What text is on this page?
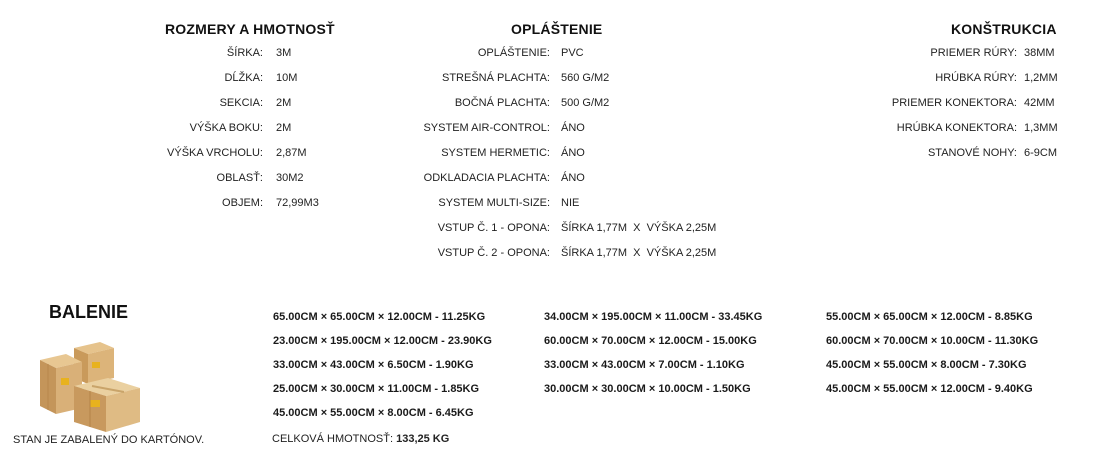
ROZMERY A HMOTNOSŤ	OPLÁŠTENIE	KONŠTRUKCIA
ŠÍRKA: 3M
DĹŽKA: 10M
SEKCIA: 2M
VÝŠKA BOKU: 2M
VÝŠKA VRCHOLU: 2,87M
OBLASŤ: 30M2
OBJEM: 72,99M3
OPLÁŠTENIE: PVC
STREŠNÁ PLACHTA: 560 G/M2
BOČNÁ PLACHTA: 500 G/M2
SYSTEM AIR-CONTROL: ÁNO
SYSTEM HERMETIC: ÁNO
ODKLADACIA PLACHTA: ÁNO
SYSTEM MULTI-SIZE: NIE
VSTUP Č. 1 - OPONA: ŠÍRKA 1,77M  X  VÝŠKA 2,25M
VSTUP Č. 2 - OPONA: ŠÍRKA 1,77M  X  VÝŠKA 2,25M
PRIEMER RÚRY: 38MM
HRÚBKA RÚRY: 1,2MM
PRIEMER KONEKTORA: 42MM
HRÚBKA KONEKTORA: 1,3MM
STANOVÉ NOHY: 6-9CM
BALENIE
STAN JE ZABALENÝ DO KARTÓNOV.
65.00CM × 65.00CM × 12.00CM - 11.25KG
23.00CM × 195.00CM × 12.00CM - 23.90KG
33.00CM × 43.00CM × 6.50CM - 1.90KG
25.00CM × 30.00CM × 11.00CM - 1.85KG
45.00CM × 55.00CM × 8.00CM - 6.45KG
34.00CM × 195.00CM × 11.00CM - 33.45KG
60.00CM × 70.00CM × 12.00CM - 15.00KG
33.00CM × 43.00CM × 7.00CM - 1.10KG
30.00CM × 30.00CM × 10.00CM - 1.50KG
55.00CM × 65.00CM × 12.00CM - 8.85KG
60.00CM × 70.00CM × 10.00CM - 11.30KG
45.00CM × 55.00CM × 8.00CM - 7.30KG
45.00CM × 55.00CM × 12.00CM - 9.40KG
CELKOVÁ HMOTNOSŤ: 133,25 KG
